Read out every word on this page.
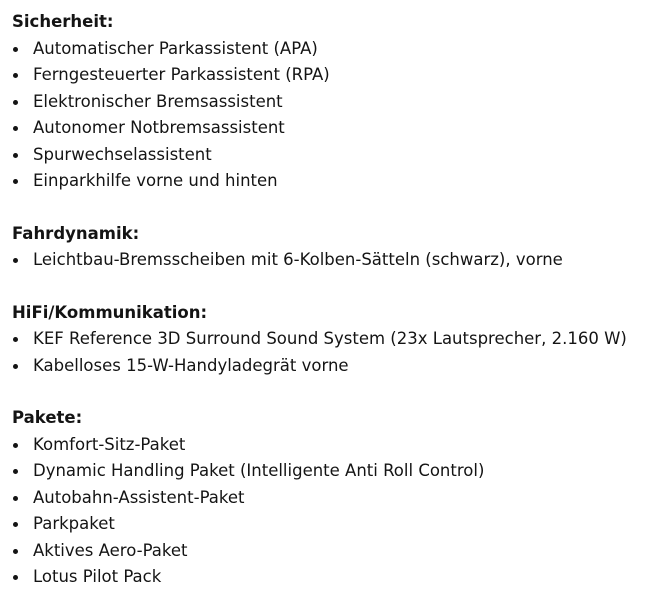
Sicherheit:
Automatischer Parkassistent (APA)
Ferngesteuerter Parkassistent (RPA)
Elektronischer Bremsassistent
Autonomer Notbremsassistent
Spurwechselassistent
Einparkhilfe vorne und hinten
Fahrdynamik:
Leichtbau-Bremsscheiben mit 6-Kolben-Sätteln (schwarz), vorne
HiFi/Kommunikation:
KEF Reference 3D Surround Sound System (23x Lautsprecher, 2.160 W)
Kabelloses 15-W-Handyladegrät vorne
Pakete:
Komfort-Sitz-Paket
Dynamic Handling Paket (Intelligente Anti Roll Control)
Autobahn-Assistent-Paket
Parkpaket
Aktives Aero-Paket
Lotus Pilot Pack
